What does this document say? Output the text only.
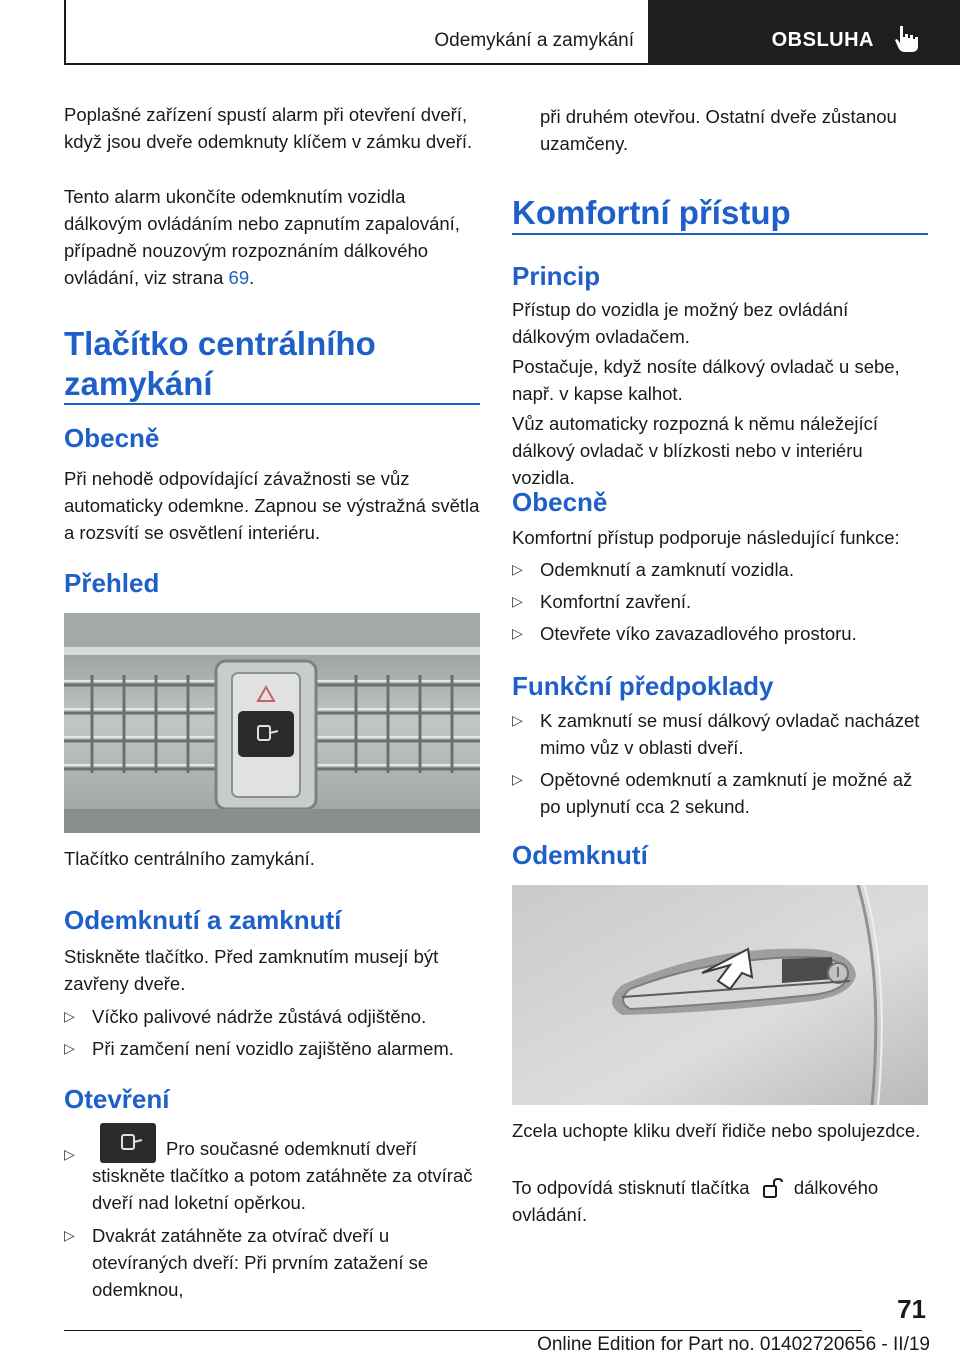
Odemykání a zamykání	OBSLUHA

Poplašné zařízení spustí alarm při otevření dveří, když jsou dveře odemknuty klíčem v zámku dveří.

Tento alarm ukončíte odemknutím vozidla dálkovým ovládáním nebo zapnutím zapalování, případně nouzovým rozpoznáním dálkového ovládání, viz strana 69.

Tlačítko centrálního
zamykání
Obecně

Při nehodě odpovídající závažnosti se vůz automaticky odemkne. Zapnou se výstražná světla a rozsvítí se osvětlení interiéru.

Přehled
Tlačítko centrálního zamykání.
Odemknutí a zamknutí

Stiskněte tlačítko. Před zamknutím musejí být zavřeny dveře.

▷ Víčko palivové nádrže zůstává odjištěno.
▷ Při zamčení není vozidlo zajištěno alarmem.
Otevření
▷	Pro současné odemknutí dveří stiskněte tlačítko a potom zatáhněte za otvírač dveří nad loketní opěrkou.
▷ Dvakrát zatáhněte za otvírač dveří u otevíraných dveří: Při prvním zatažení se odemknou,

při druhém otevřou. Ostatní dveře zůstanou uzamčeny.

Komfortní přístup
Princip

Přístup do vozidla je možný bez ovládání dálkovým ovladačem.

Postačuje, když nosíte dálkový ovladač u sebe, např. v kapse kalhot.

Vůz automaticky rozpozná k němu náležející dálkový ovladač v blízkosti nebo v interiéru vozidla.

Obecně

Komfortní přístup podporuje následující funkce:

▷ Odemknutí a zamknutí vozidla.
▷ Komfortní zavření.
▷ Otevřete víko zavazadlového prostoru.
Funkční předpoklady
▷ K zamknutí se musí dálkový ovladač nacházet mimo vůz v oblasti dveří.
▷ Opětovné odemknutí a zamknutí je možné až po uplynutí cca 2 sekund.
Odemknutí

Zcela uchopte kliku dveří řidiče nebo spolujezdce.

To odpovídá stisknutí tlačítka dálkového ovládání.

71
Online Edition for Part no. 01402720656 - II/19
